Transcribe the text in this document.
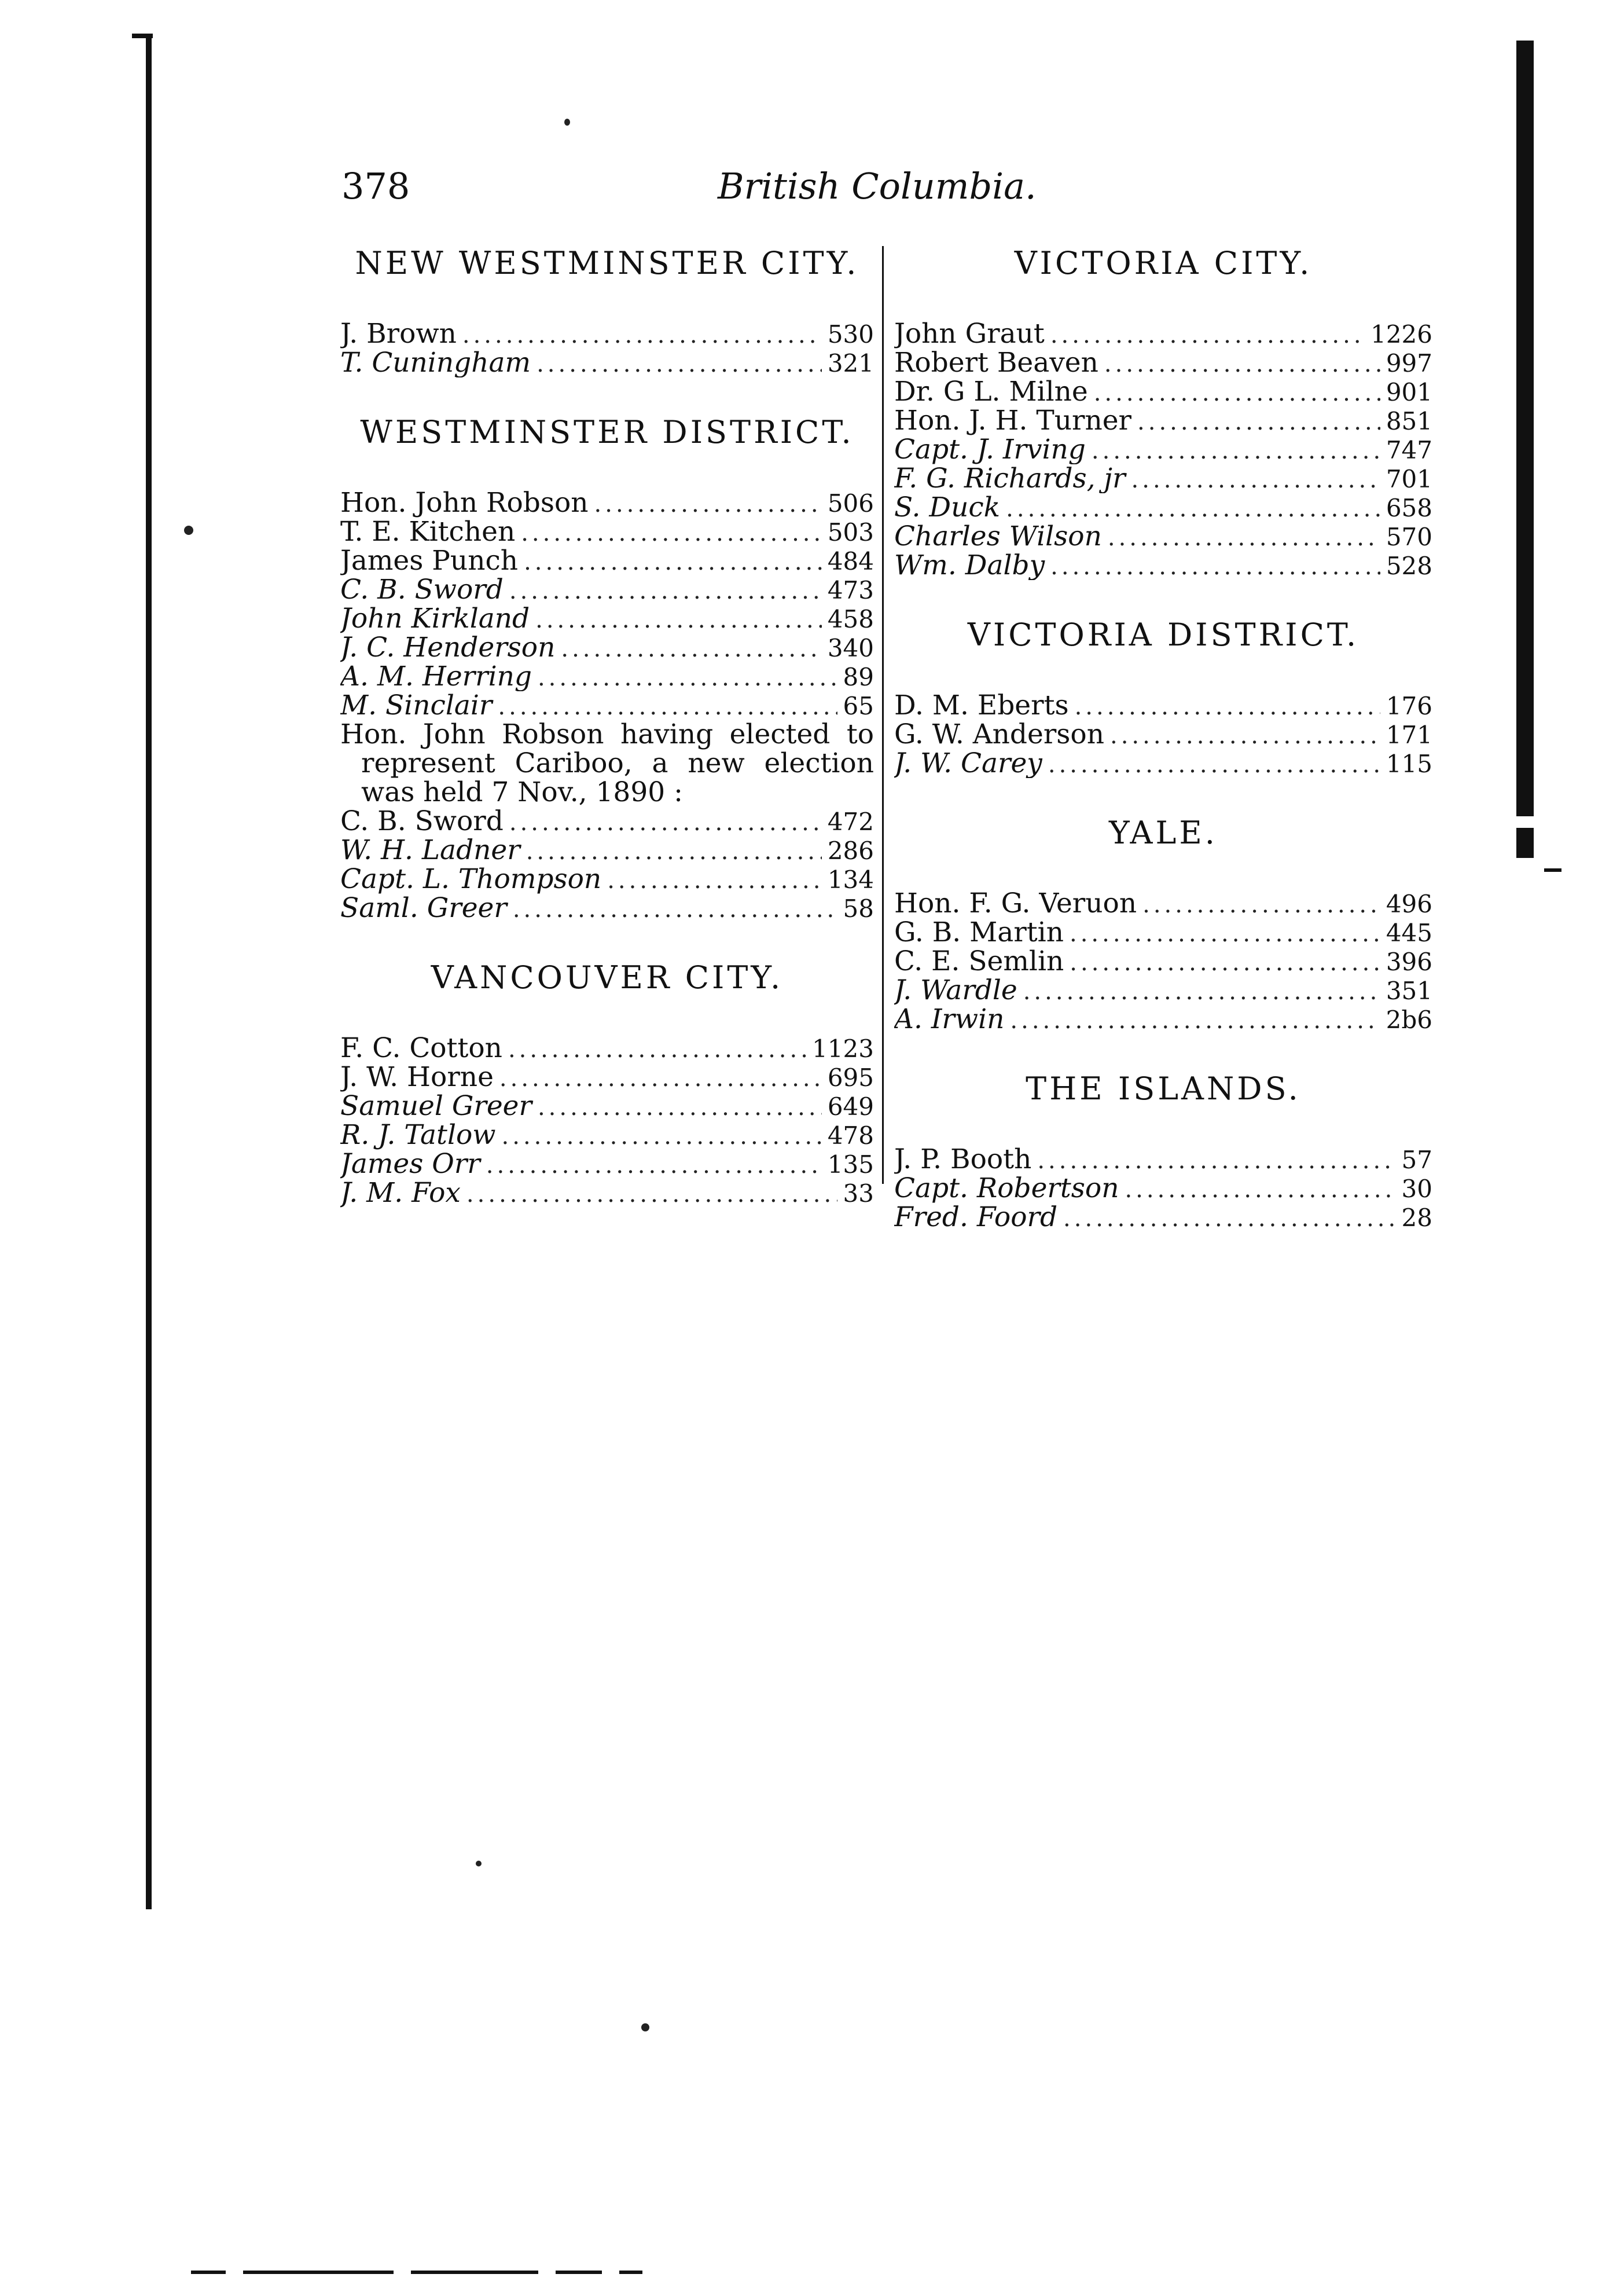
378	British Columbia.
NEW WESTMINSTER CITY.
J. Brown .....	530
T. Cuningham .....	321
WESTMINSTER DISTRICT.
Hon. John Robson .....	506
T. E. Kitchen .....	503
James Punch .....	484
C. B. Sword .....	473
John Kirkland .....	458
J. C. Henderson .....	340
A. M. Herring .....	89
M. Sinclair .....	65

Hon. John Robson having elected to represent Cariboo, a new election was held 7 Nov., 1890 :

C. B. Sword .....	472
W. H. Ladner .....	286
Capt. L. Thompson .....	134
Saml. Greer .....	58
VANCOUVER CITY.
F. C. Cotton .....	1123
J. W. Horne .....	695
Samuel Greer .....	649
R. J. Tatlow .....	478
James Orr .....	135
J. M. Fox .....	33
VICTORIA CITY.
John Graut .....	1226
Robert Beaven .....	997
Dr. G L. Milne .....	901
Hon. J. H. Turner .....	851
Capt. J. Irving .....	747
F. G. Richards, jr .....	701
S. Duck .....	658
Charles Wilson .....	570
Wm. Dalby .....	528
VICTORIA DISTRICT.
D. M. Eberts .....	176
G. W. Anderson .....	171
J. W. Carey .....	115
YALE.
Hon. F. G. Veruon .....	496
G. B. Martin .....	445
C. E. Semlin .....	396
J. Wardle .....	351
A. Irwin .....	2b6
THE ISLANDS.
J. P. Booth .....	57
Capt. Robertson .....	30
Fred. Foord .....	28
